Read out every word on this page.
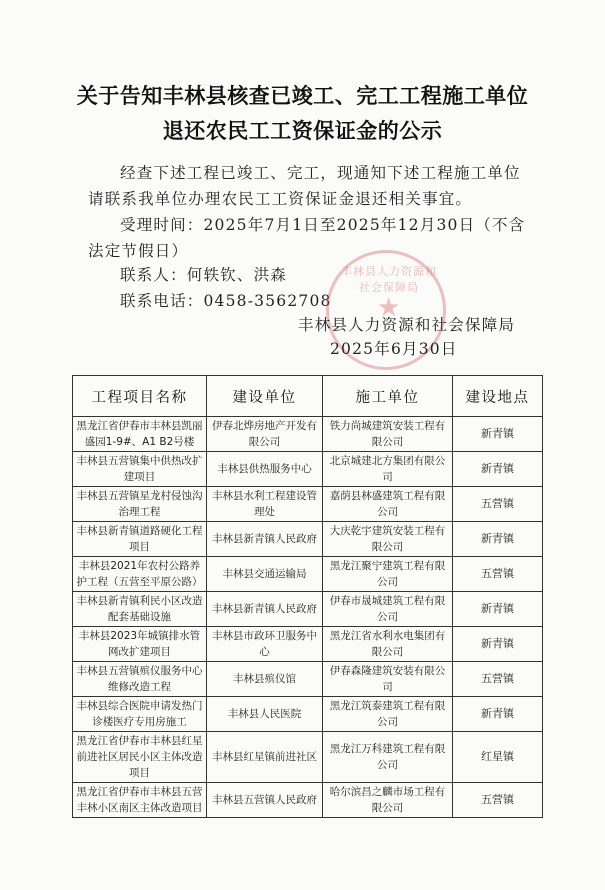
关于告知丰林县核查已竣工、完工工程施工单位
退还农民工工资保证金的公示
经查下述工程已竣工、完工，现通知下述工程施工单位请联系我单位办理农民工工资保证金退还相关事宜。
受理时间：2025年7月1日至2025年12月30日（不含法定节假日）
联系人：何轶钦、洪森
联系电话：0458-3562708
丰林县人力资源和社会保障局
★
丰林县人力资源和社会保障局
2025年6月30日
工程项目名称	建设单位	施工单位	建设地点
黑龙江省伊春市丰林县凯丽盛园1-9#、A1 B2号楼	伊春北烨房地产开发有限公司	铁力尚城建筑安装工程有限公司	新青镇
丰林县五营镇集中供热改扩建项目	丰林县供热服务中心	北京城建北方集团有限公司	新青镇
丰林县五营镇星龙村侵蚀沟治理工程	丰林县水利工程建设管理处	嘉荫县林盛建筑工程有限公司	五营镇
丰林县新青镇道路硬化工程项目	丰林县新青镇人民政府	大庆乾宇建筑安装工程有限公司	新青镇
丰林县2021年农村公路养护工程（五营至平原公路）	丰林县交通运输局	黑龙江聚宁建筑工程有限公司	五营镇
丰林县新青镇利民小区改造配套基础设施	丰林县新青镇人民政府	伊春市晟城建筑工程有限公司	新青镇
丰林县2023年城镇排水管网改扩建项目	丰林县市政环卫服务中心	黑龙江省水利水电集团有限公司	新青镇
丰林县五营镇殡仪服务中心维修改造工程	丰林县殡仪馆	伊春森隆建筑安装有限公司	五营镇
丰林县综合医院申请发热门诊楼医疗专用房施工	丰林县人民医院	黑龙江筑泰建筑工程有限公司	新青镇
黑龙江省伊春市丰林县红星前进社区居民小区主体改造项目	丰林县红星镇前进社区	黑龙江万科建筑工程有限公司	红星镇
黑龙江省伊春市丰林县五营丰林小区南区主体改造项目	丰林县五营镇人民政府	哈尔滨昌之麟市场工程有限公司	五营镇
